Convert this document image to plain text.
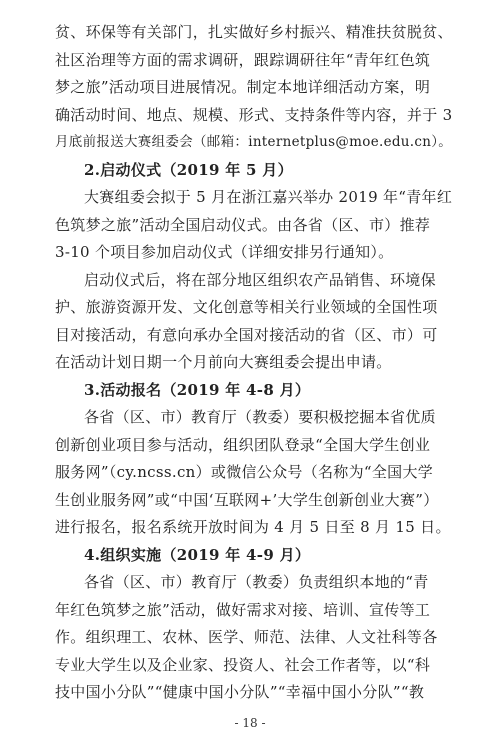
贫、环保等有关部门，扎实做好乡村振兴、精准扶贫脱贫、
社区治理等方面的需求调研，跟踪调研往年“青年红色筑
梦之旅”活动项目进展情况。制定本地详细活动方案，明
确活动时间、地点、规模、形式、支持条件等内容，并于 3
月底前报送大赛组委会（邮箱：internetplus@moe.edu.cn）。
2.启动仪式（2019 年 5 月）
大赛组委会拟于 5 月在浙江嘉兴举办 2019 年“青年红
色筑梦之旅”活动全国启动仪式。由各省（区、市）推荐
3-10 个项目参加启动仪式（详细安排另行通知）。
启动仪式后，将在部分地区组织农产品销售、环境保
护、旅游资源开发、文化创意等相关行业领域的全国性项
目对接活动，有意向承办全国对接活动的省（区、市）可
在活动计划日期一个月前向大赛组委会提出申请。
3.活动报名（2019 年 4-8 月）
各省（区、市）教育厅（教委）要积极挖掘本省优质
创新创业项目参与活动，组织团队登录“全国大学生创业
服务网”（cy.ncss.cn）或微信公众号（名称为“全国大学
生创业服务网”或“中国‘互联网+’大学生创新创业大赛”）
进行报名，报名系统开放时间为 4 月 5 日至 8 月 15 日。
4.组织实施（2019 年 4-9 月）
各省（区、市）教育厅（教委）负责组织本地的“青
年红色筑梦之旅”活动，做好需求对接、培训、宣传等工
作。组织理工、农林、医学、师范、法律、人文社科等各
专业大学生以及企业家、投资人、社会工作者等，以“科
技中国小分队”“健康中国小分队”“幸福中国小分队”“教
- 18 -
